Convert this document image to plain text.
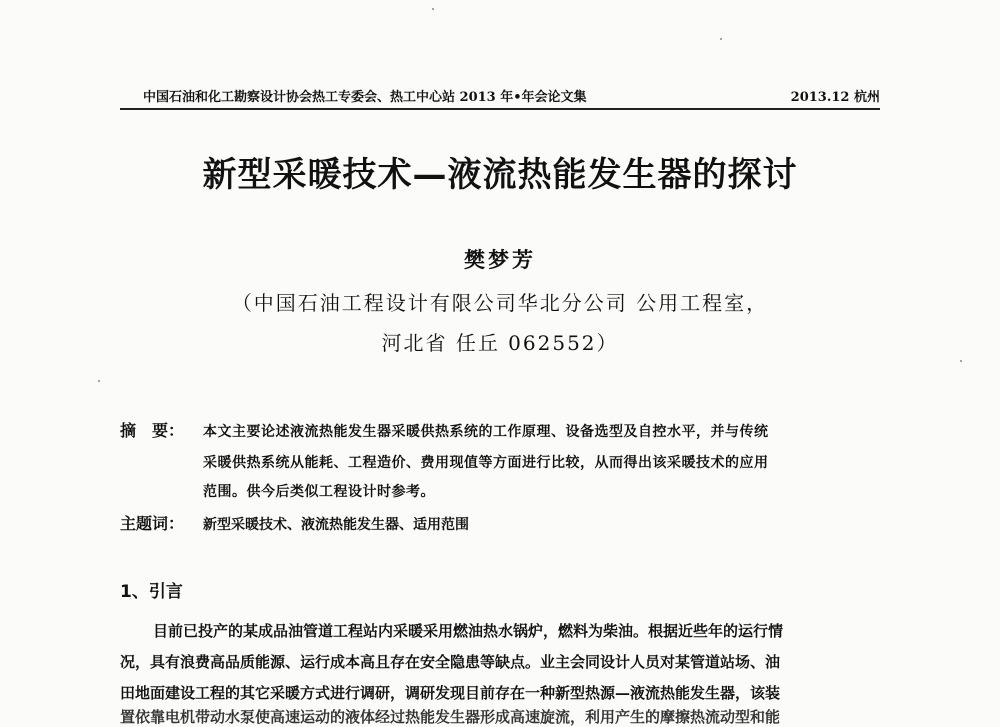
中国石油和化工勘察设计协会热工专委会、热工中心站 2013 年•年会论文集	2013.12 杭州
新型采暖技术—液流热能发生器的探讨
樊梦芳
（中国石油工程设计有限公司华北分公司 公用工程室，
河北省 任丘 062552）
摘　要： 本文主要论述液流热能发生器采暖供热系统的工作原理、设备选型及自控水平，并与传统
采暖供热系统从能耗、工程造价、费用现值等方面进行比较，从而得出该采暖技术的应用
范围。供今后类似工程设计时参考。
主题词： 新型采暖技术、液流热能发生器、适用范围
1、引言
目前已投产的某成品油管道工程站内采暖采用燃油热水锅炉，燃料为柴油。根据近些年的运行情
况，具有浪费高品质能源、运行成本高且存在安全隐患等缺点。业主会同设计人员对某管道站场、油
田地面建设工程的其它采暖方式进行调研，调研发现目前存在一种新型热源—液流热能发生器，该装
置依靠电机带动水泵使高速运动的液体经过热能发生器形成高速旋流，利用产生的摩擦热流动型和能
